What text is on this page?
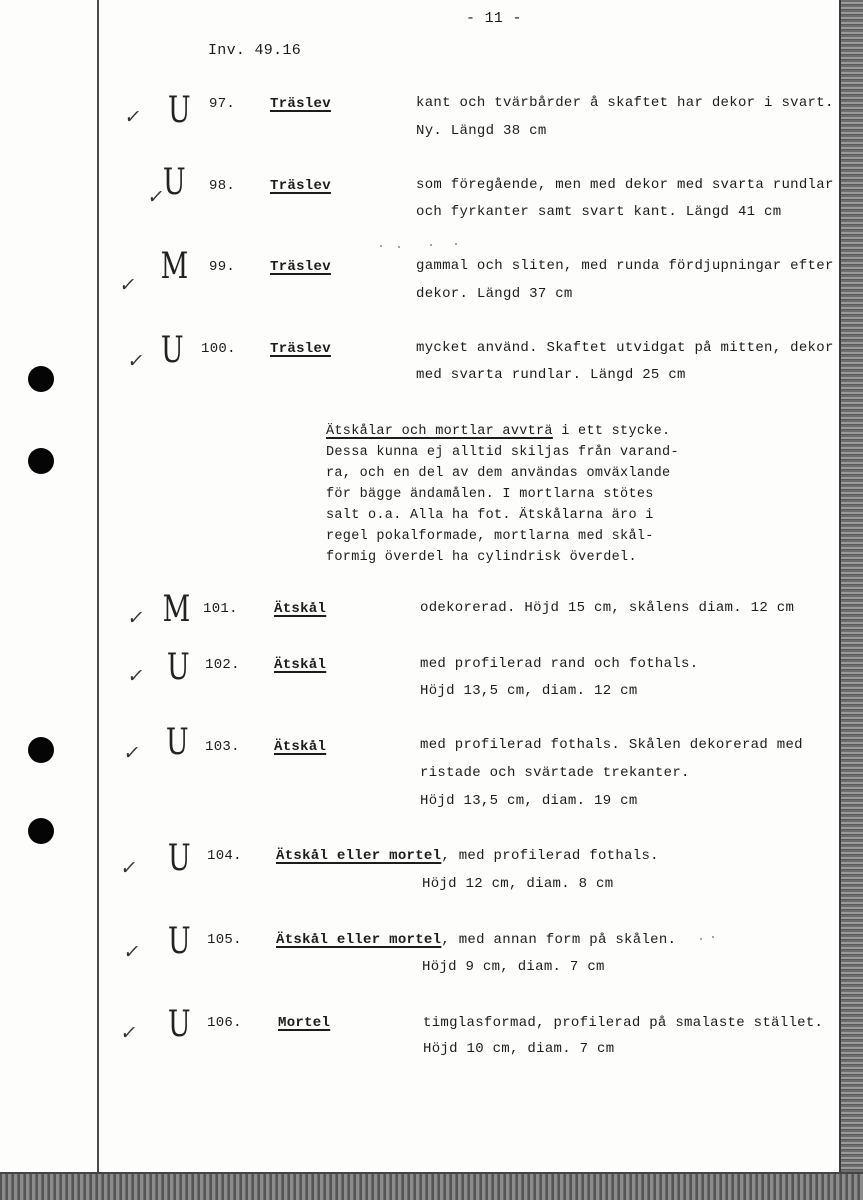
- 11 -
Inv. 49.16
✓ U 97. Träslev	kant och tvärbårder å skaftet har dekor i svart.
Ny. Längd 38 cm
✓
U 98. Träslev	som föregående, men med dekor med svarta rundlar
och fyrkanter samt svart kant. Längd 41 cm
✓ M 99. Träslev	gammal och sliten, med runda fördjupningar efter
dekor. Längd 37 cm
✓ U 100. Träslev	mycket använd. Skaftet utvidgat på mitten, dekor
med svarta rundlar. Längd 25 cm
Ätskålar och mortlar avvträ i ett stycke.
Dessa kunna ej alltid skiljas från varand-
ra, och en del av dem användas omväxlande
för bägge ändamålen. I mortlarna stötes
salt o.a. Alla ha fot. Ätskålarna äro i
regel pokalformade, mortlarna med skål-
formig överdel ha cylindrisk överdel.
✓ M 101.	Ätskål	odekorerad. Höjd 15 cm, skålens diam. 12 cm
✓ U 102. Ätskål	med profilerad rand och fothals.
Höjd 13,5 cm, diam. 12 cm
✓ U 103. Ätskål	med profilerad fothals. Skålen dekorerad med
ristade och svärtade trekanter.
Höjd 13,5 cm, diam. 19 cm
✓ U 104. Ätskål eller mortel, med profilerad fothals.
Höjd 12 cm, diam. 8 cm
✓ U 105. Ätskål eller mortel, med annan form på skålen.
Höjd 9 cm, diam. 7 cm
✓ U 106.	Mortel	timglasformad, profilerad på smalaste stället.
Höjd 10 cm, diam. 7 cm
